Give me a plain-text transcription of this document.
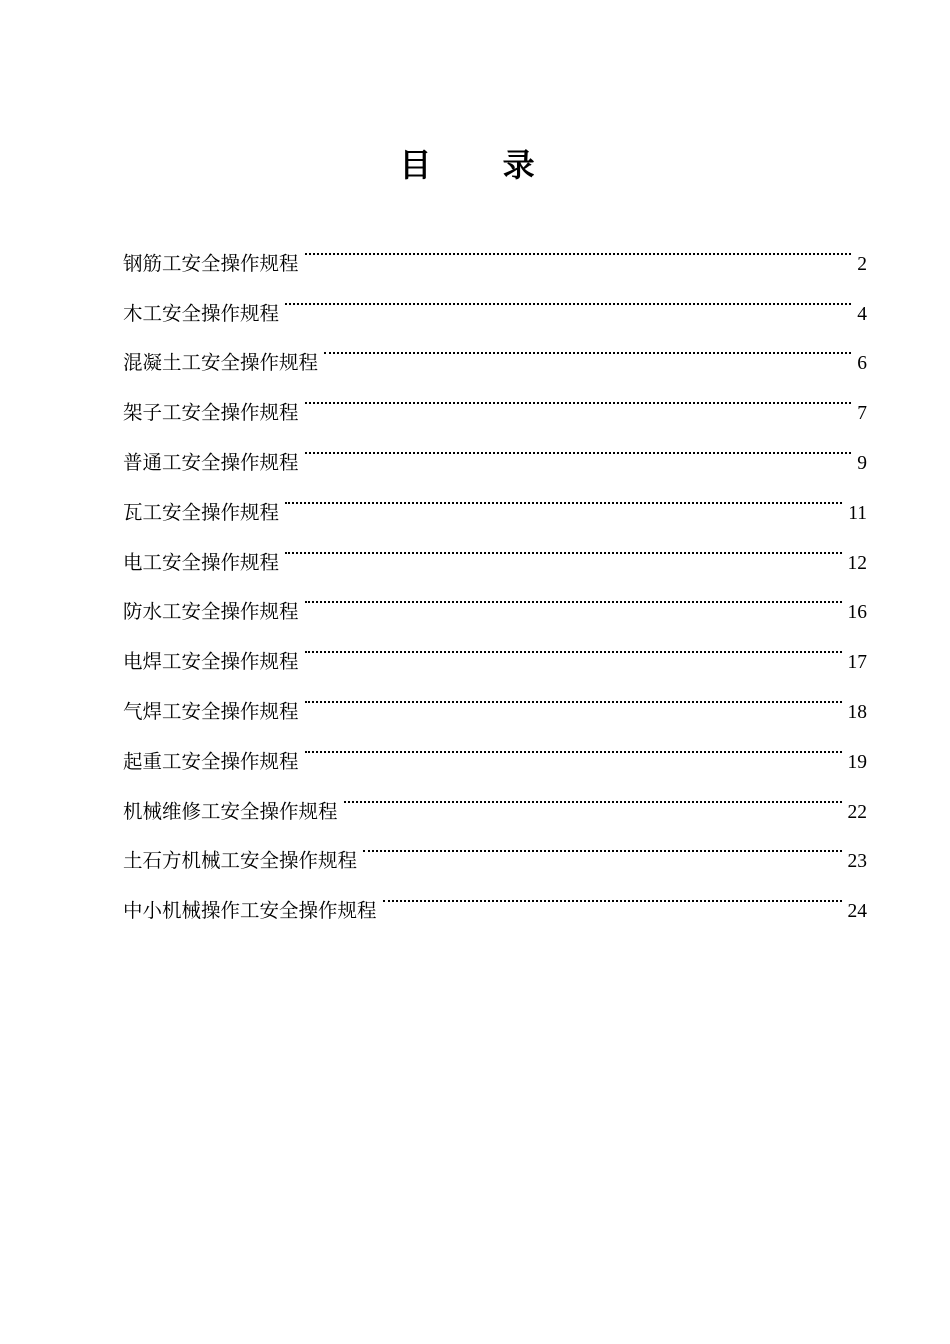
目 录
钢筋工安全操作规程	2
木工安全操作规程	4
混凝土工安全操作规程	6
架子工安全操作规程	7
普通工安全操作规程	9
瓦工安全操作规程	11
电工安全操作规程	12
防水工安全操作规程	16
电焊工安全操作规程	17
气焊工安全操作规程	18
起重工安全操作规程	19
机械维修工安全操作规程	22
土石方机械工安全操作规程	23
中小机械操作工安全操作规程	24
